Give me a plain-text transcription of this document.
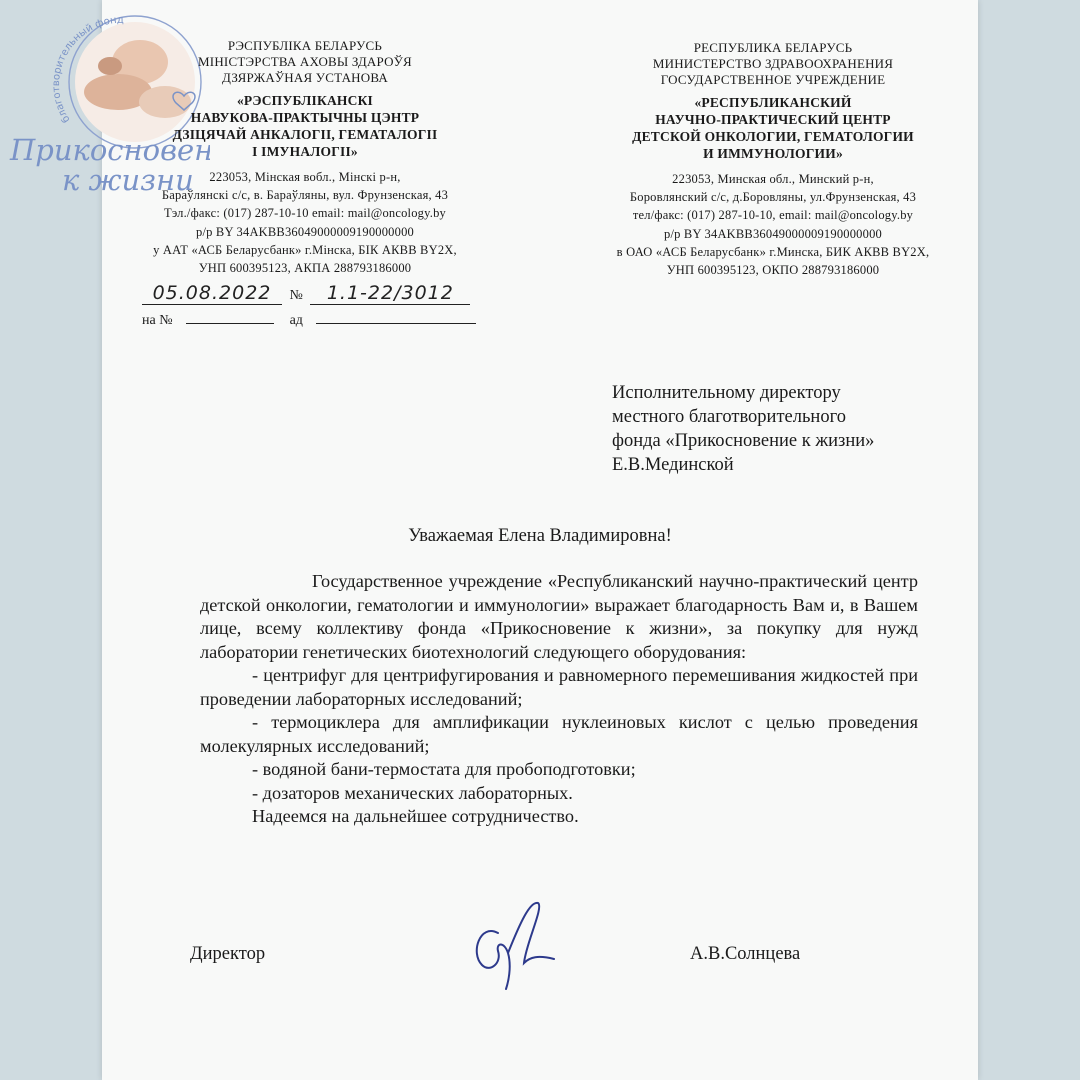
благотворительный фонд
Прикосновен
к жизни
РЭСПУБЛІКА БЕЛАРУСЬ
МІНІСТЭРСТВА АХОВЫ ЗДАРОЎЯ
ДЗЯРЖАЎНАЯ УСТАНОВА
«РЭСПУБЛІКАНСКІ
НАВУКОВА-ПРАКТЫЧНЫ ЦЭНТР
ДЗІЦЯЧАЙ АНКАЛОГІІ, ГЕМАТАЛОГІІ
І ІМУНАЛОГІІ»
223053, Мінская вобл., Мінскі р-н,
Бараўлянскі с/с, в. Бараўляны, вул. Фрунзенская, 43
Тэл./факс: (017) 287-10-10 email: mail@oncology.by
р/р BY 34AKBB36049000009190000000
у ААТ «АСБ Беларусбанк» г.Мінска, БІК АКВВ BY2X,
УНП 600395123, АКПА 288793186000
РЕСПУБЛИКА БЕЛАРУСЬ
МИНИСТЕРСТВО ЗДРАВООХРАНЕНИЯ
ГОСУДАРСТВЕННОЕ УЧРЕЖДЕНИЕ
«РЕСПУБЛИКАНСКИЙ
НАУЧНО-ПРАКТИЧЕСКИЙ ЦЕНТР
ДЕТСКОЙ ОНКОЛОГИИ, ГЕМАТОЛОГИИ
И ИММУНОЛОГИИ»
223053, Минская обл., Минский р-н,
Боровлянский с/с, д.Боровляны, ул.Фрунзенская, 43
тел/факс: (017) 287-10-10, email: mail@oncology.by
р/р BY 34AKBB36049000009190000000
в ОАО «АСБ Беларусбанк» г.Минска, БИК АКВВ BY2X,
УНП 600395123, ОКПО 288793186000
05.08.2022 № 1.1-22/3012
на №	ад
Исполнительному директору
местного благотворительного
фонда «Прикосновение к жизни»
Е.В.Мединской
Уважаемая Елена Владимировна!

Государственное учреждение «Республиканский научно-практический центр детской онкологии, гематологии и иммунологии» выражает благодарность Вам и, в Вашем лице, всему коллективу фонда «Прикосновение к жизни», за покупку для нужд лаборатории генетических биотехнологий следующего оборудования:

- центрифуг для центрифугирования и равномерного перемешивания жидкостей при проведении лабораторных исследований;

- термоциклера для амплификации нуклеиновых кислот с целью проведения молекулярных исследований;

- водяной бани-термостата для пробоподготовки;

- дозаторов механических лабораторных.

Надеемся на дальнейшее сотрудничество.

Директор	А.В.Солнцева
